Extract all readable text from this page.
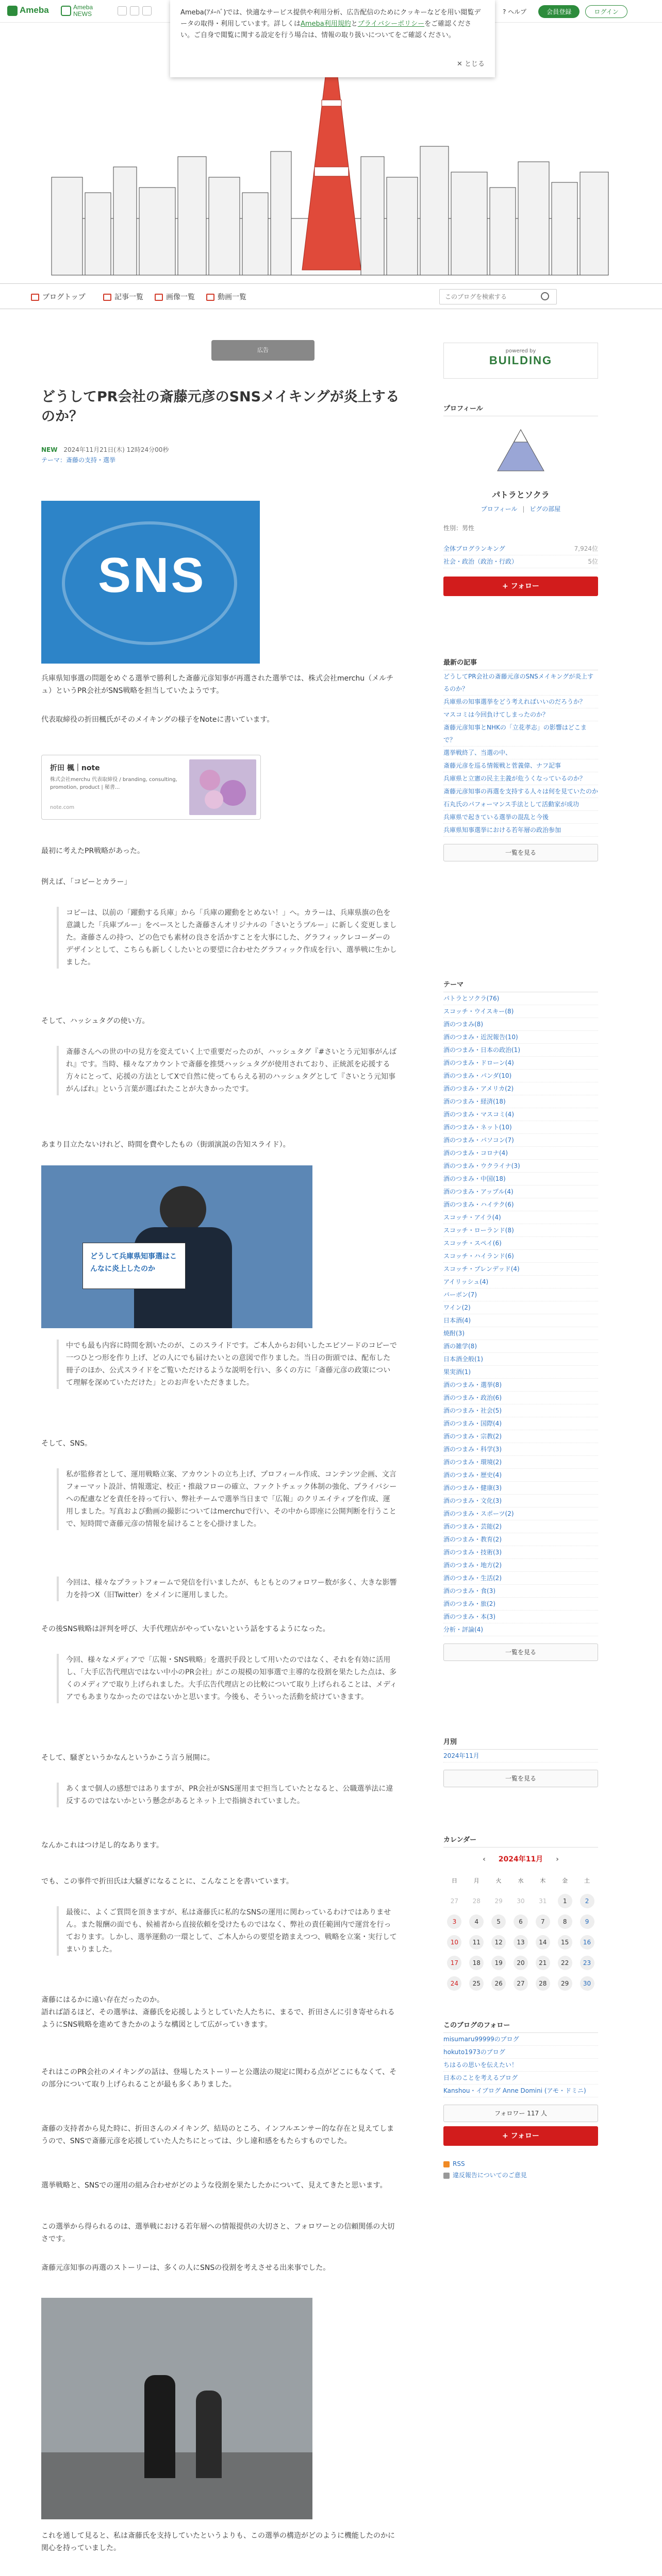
Ameba	Ameba
NEWS	? ヘルプ	会員登録	ログイン
Ameba(ｱﾒｰﾊﾞ)では、快適なサービス提供や利用分析、広告配信のためにクッキーなどを用い閲覧データの取得・利用しています。詳しくはAmeba利用規約とプライバシーポリシーをご確認ください。ご自身で閲覧に関する設定を行う場合は、情報の取り扱いについてをご確認ください。
✕ とじる
ブログトップ	記事一覧	画像一覧	動画一覧
このブログを検索する
広告
どうしてPR会社の斎藤元彦のSNSメイキングが炎上するのか？
NEW 2024年11月21日(木) 12時24分00秒
テーマ：斎藤の支持・選挙
SNS
兵庫県知事選の問題をめぐる選挙で勝利した斎藤元彦知事が再選された選挙では、株式会社merchu（メルチュ）というPR会社がSNS戦略を担当していたようです。
代表取締役の折田楓氏がそのメイキングの様子をNoteに書いています。
折田 楓｜note
株式会社merchu 代表取締役 / branding, consulting, promotion, product | 秘書...
note.com
最初に考えたPR戦略があった。
例えば、「コピーとカラー」
コピーは、以前の「躍動する兵庫」から「兵庫の躍動をとめない！」へ。カラーは、兵庫県旗の色を意識した「兵庫ブルー」をベースとした斎藤さんオリジナルの「さいとうブルー」に新しく変更しました。斎藤さんの持つ、どの色でも素材の良さを活かすことを大事にした、グラフィックレコーダーのデザインとして、こちらも新しくしたいとの要望に合わせたグラフィック作成を行い、選挙戦に生かしました。
そして、ハッシュタグの使い方。
斎藤さんへの世の中の見方を変えていく上で重要だったのが、ハッシュタグ『#さいとう元知事がんばれ』です。当時、様々なアカウントで斎藤を推奨ハッシュタグが使用されており、正統派を応援する方々にとって、応援の方法としてXで自然に使ってもらえる初のハッシュタグとして『さいとう元知事がんばれ』という言葉が選ばれたことが大きかったです。
あまり目立たないけれど、時間を費やしたもの（街頭演説の告知スライド）。
どうして兵庫県知事選はこんなに炎上したのか
中でも最も内容に時間を割いたのが、このスライドです。ご本人からお伺いしたエピソードのコピーで一つひとつ形を作り上げ、どの人にでも届けたいとの意図で作りました。当日の街頭では、配布した冊子のほか、公式スライドをご覧いただけるような説明を行い、多くの方に「斎藤元彦の政策について理解を深めていただけた」とのお声をいただきました。
そして、SNS。
私が監修者として、運用戦略立案、アカウントの立ち上げ、プロフィール作成、コンテンツ企画、文言フォーマット設計、情報選定、校正・推敲フローの確立、ファクトチェック体制の強化、プライバシーへの配慮などを責任を持って行い、弊社チームで選挙当日まで「広報」のクリエイティブを作成、運用しました。写真および動画の撮影についてはmerchuで行い、その中から即座に公開判断を行うことで、短時間で斎藤元彦の情報を届けることを心掛けました。
今回は、様々なプラットフォームで発信を行いましたが、もともとのフォロワー数が多く、大きな影響力を持つX（旧Twitter）をメインに運用しました。
その後SNS戦略は評判を呼び、大手代理店がやっていないという話をするようになった。
今回、様々なメディアで「広報・SNS戦略」を選択手段として用いたのではなく、それを有効に活用し、「大手広告代理店ではない中小のPR会社」がこの規模の知事選で主導的な役割を果たした点は、多くのメディアで取り上げられました。大手広告代理店との比較について取り上げられることは、メディアでもあまりなかったのではないかと思います。今後も、そういった活動を続けていきます。
そして、騒ぎというかなんというかこう言う展開に。
あくまで個人の感想ではありますが、PR会社がSNS運用まで担当していたとなると、公職選挙法に違反するのではないかという懸念があるとネット上で指摘されていました。
なんかこれはつけ足し的なあります。
でも、この事件で折田氏は大騒ぎになることに、こんなことを書いています。
最後に、よくご質問を頂きますが、私は斎藤氏に私的なSNSの運用に関わっているわけではありません。また報酬の面でも、候補者から直接依頼を受けたものではなく、弊社の責任範囲内で運営を行っております。しかし、選挙運動の一環として、ご本人からの要望を踏まえつつ、戦略を立案・実行してまいりました。
斎藤にはるかに遠い存在だったのか。
語れば語るほど、その選挙は、斎藤氏を応援しようとしていた人たちに、まるで、折田さんに引き寄せられるようにSNS戦略を進めてきたかのような構図として広がっていきます。
それはこのPR会社のメイキングの話は、登場したストーリーと公選法の規定に関わる点がどこにもなくて、その部分について取り上げられることが最も多くありました。
斎藤の支持者から見た時に、折田さんのメイキング、結局のところ、インフルエンサー的な存在と見えてしまうので、SNSで斎藤元彦を応援していた人たちにとっては、少し違和感をもたらすものでした。
選挙戦略と、SNSでの運用の組み合わせがどのような役割を果たしたかについて、見えてきたと思います。
この選挙から得られるのは、選挙戦における若年層への情報提供の大切さと、フォロワーとの信頼関係の大切さです。
斎藤元彦知事の再選のストーリーは、多くの人にSNSの役割を考えさせる出来事でした。
これを通して見ると、私は斎藤氏を支持していたというよりも、この選挙の構造がどのように機能したのかに関心を持っていました。
powered by
BUILDING
プロフィール
パトラとソクラ
プロフィール | ピグの部屋
性別：男性
全体ブログランキング	7,924位
社会・政治（政治・行政）	5位
+ フォロー
最新の記事
どうしてPR会社の斎藤元彦のSNSメイキングが炎上するのか？
兵庫県の知事選挙をどう考えればいいのだろうか？
マスコミは今回負けてしまったのか？
斎藤元彦知事とNHKの「立花孝志」の影響はどこまで？
選挙戦終了、当選の中、
斎藤元彦を巡る情報戦と菅義偉、ナフ記事
兵庫県と立憲の民主主義が危うくなっているのか？
斎藤元彦知事の再選を支持する人々は何を見ていたのか
石丸氏のパフォーマンス手法として活動家が成功
兵庫県で起きている選挙の混乱と今後
兵庫県知事選挙における若年層の政治参加
一覧を見る
テーマ
パトラとソクラ(76)
スコッチ・ウイスキー(8)
酒のつまみ(8)
酒のつまみ・近況報告(10)
酒のつまみ・日本の政治(1)
酒のつまみ・ドローン(4)
酒のつまみ・パンダ(10)
酒のつまみ・アメリカ(2)
酒のつまみ・経済(18)
酒のつまみ・マスコミ(4)
酒のつまみ・ネット(10)
酒のつまみ・パソコン(7)
酒のつまみ・コロナ(4)
酒のつまみ・ウクライナ(3)
酒のつまみ・中国(18)
酒のつまみ・アップル(4)
酒のつまみ・ハイテク(6)
スコッチ・アイラ(4)
スコッチ・ローランド(8)
スコッチ・スペイ(6)
スコッチ・ハイランド(6)
スコッチ・ブレンデッド(4)
アイリッシュ(4)
バーボン(7)
ワイン(2)
日本酒(4)
焼酎(3)
酒の雑学(8)
日本酒全般(1)
果実酒(1)
酒のつまみ・選挙(8)
酒のつまみ・政治(6)
酒のつまみ・社会(5)
酒のつまみ・国際(4)
酒のつまみ・宗教(2)
酒のつまみ・科学(3)
酒のつまみ・環境(2)
酒のつまみ・歴史(4)
酒のつまみ・健康(3)
酒のつまみ・文化(3)
酒のつまみ・スポーツ(2)
酒のつまみ・芸能(2)
酒のつまみ・教育(2)
酒のつまみ・技術(3)
酒のつまみ・地方(2)
酒のつまみ・生活(2)
酒のつまみ・食(3)
酒のつまみ・旅(2)
酒のつまみ・本(3)
分析・評論(4)
一覧を見る
月別
2024年11月
一覧を見る
カレンダー
‹ 2024年11月 ›
日	月	火	水	木	金	土
27	28	29	30	31	1	2
3	4	5	6	7	8	9
10	11	12	13	14	15	16
17	18	19	20	21	22	23
24	25	26	27	28	29	30
このブログのフォロー
misumaru99999のブログ
hokuto1973のブログ
ちはるの思いを伝えたい！
日本のことを考えるブログ
Kanshou・イブログ Anne Domini (アモ・ドミニ)
フォロワー 117 人
+ フォロー
RSS
違反報告についてのご意見
